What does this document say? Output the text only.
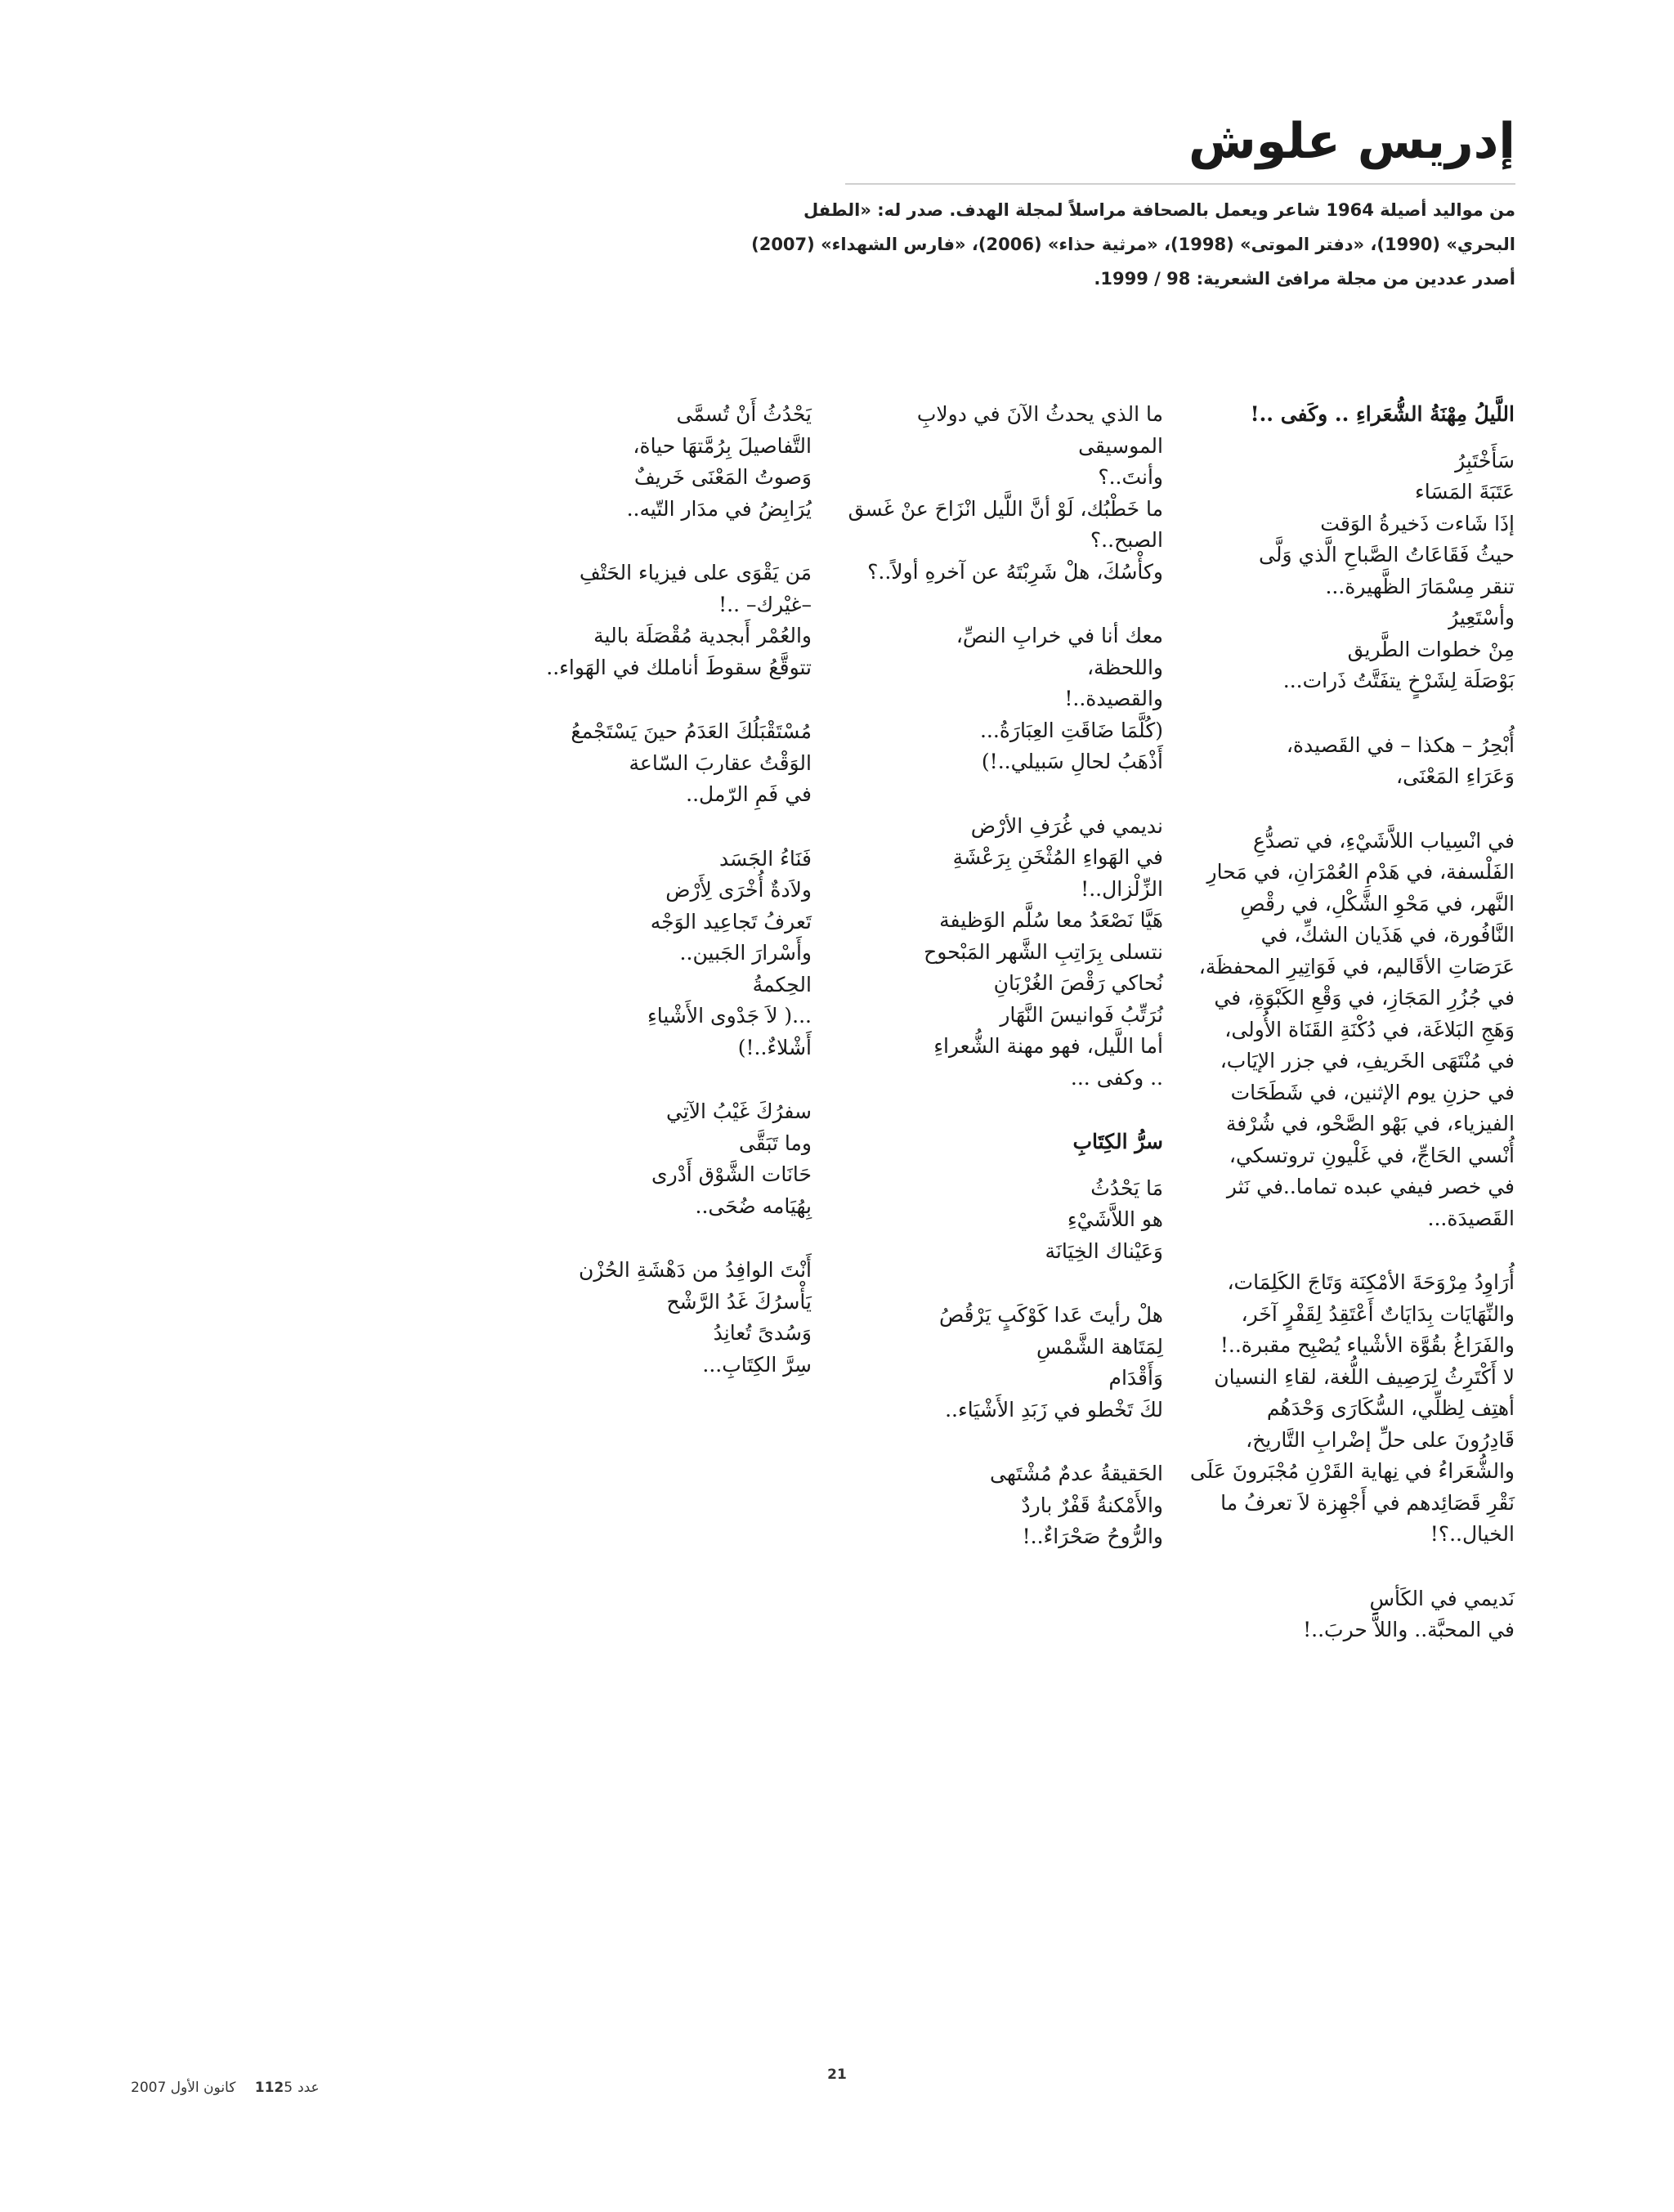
إدريس علوش

من مواليد أصيلة 1964 شاعر ويعمل بالصحافة مراسلاً لمجلة الهدف. صدر له: «الطفل

البحري» (1990)، «دفتر الموتى» (1998)، «مرثية حذاء» (2006)، «فارس الشهداء» (2007)

أصدر عددين من مجلة مرافئ الشعرية: 98 / 1999.

اللَّيلُ مِهْنَةُ الشُّعَراءِ .. وكَفى ..!
سَأَخْتَبِرُ
عَتَبَةَ المَسَاء
إذَا شَاءت ذَخيرةُ الوَقت
حيثُ فَقَاعَاتُ الصَّباحِ الَّذي وَلَّى
تنقر مِسْمَارَ الظَّهيرة...
وأسْتَعِيرُ
مِنْ خطوات الطَّريق
بَوْصَلَة لِشَرْخٍ يتفَتَّتُ ذَرات...
أُبْحِرُ – هكذا – في القَصيدة،
وَعَرَاءِ المَعْنَى،
في انْسِياب اللاَّشَيْءِ، في تصدُّعِ
الفَلْسفة، في هَدْمِ العُمْرَانِ، في مَحارِ
النَّهر، في مَحْوِ الشَّكْلِ، في رقْصِ
النَّافُورة، في هَذَيان الشكِّ، في
عَرَصَاتِ الأقَاليم، في فَوَاتِيرِ المحفظَة،
في جُزُرِ المَجَازِ، في وَقْعِ الكَبْوَةِ، في
وَهَجِ البَلاغَة، في دُكْنَةِ القَنَاة الأُولى،
في مُنْتَهَى الخَريفِ، في جزر الإيَاب،
في حزنِ يوم الإثنين، في شَطَحَات
الفيزياء، في بَهْو الصَّحْو، في شُرْفة
أُنْسي الحَاجِّ، في غَلْيونِ تروتسكي،
في خصر فيفي عبده تماما..في نَثر
القَصيدَة...
أُرَاوِدُ مِرْوَحَةَ الأمْكِنَة وَتَاجَ الكَلِمَات،
والنِّهَايَات بِدَايَاتٌ أَعْتَقِدُ لِقَفْرٍ آخَر،
والفَرَاغُ بقُوَّة الأشْياء يُصْبِح مقبرة..!
لا أَكْتَرِثُ لِرَصِيف اللُّغة، لقاءِ النسيان
أهتِف لِظلِّي، السُّكَارَى وَحْدَهُم
قَادِرُونَ على حلِّ إضْرابِ التَّاريخ،
والشُّعَراءُ في نِهاية القَرْنِ مُجْبَرونَ عَلَى
نَقْرِ قَصَائِدهم في أَجْهِزة لاَ تعرفُ ما
الخيال..؟!
نَديمي في الكَأسِ
في المحبَّة.. واللاَّ حربَ..!
ما الذي يحدثُ الآنَ في دولابِ
الموسيقى
وأنتَ..؟
ما خَطْبُك، لَوْ أنَّ اللَّيل انْزَاحَ عنْ غَسق
الصبح..؟
وكأْسُكَ، هلْ شَرِبْتَهُ عن آخرهِ أولاً..؟
معك أنا في خرابِ النصِّ،
واللحظة،
والقصيدة..!
(كُلَّمَا ضَاقَتِ العِبَارَةُ...
أَذْهَبُ لحالِ سَبيلي..!)
نديمي في غُرَفِ الأرْض
في الهَواءِ المُثْخَنِ بِرَعْشَةِ
الزِّلْزال..!
هَيَّا نَصْعَدُ معا سُلَّم الوَظيفة
نتسلى بِرَاتِبِ الشَّهر المَبْحوح
نُحاكي رَقْصَ الغُرْبَانِ
نُرَتِّبُ فَوانيسَ النَّهَار
أما اللَّيل، فهو مهنة الشُّعراءِ
.. وكفى ...
سرُّ الكِتَابِ
مَا يَحْدُثُ
هو اللاَّشَيْءِ
وَعَيْناك الخِيَانَة
هلْ رأيتَ عَدا كَوْكَبٍ يَرْقُصُ
لِمَتَاهة الشَّمْسِ
وَأَقْدَام
لكَ تَخْطو في زَبَدِ الأَشْيَاء..
الحَقيقةُ عدمٌ مُشْتَهى
والأَمْكنةُ قَفْرٌ باردٌ
والرُّوحُ صَحْرَاءٌ..!
يَحْدُثُ أَنْ تُسمَّى
التَّفاصيلَ بِرُمَّتهَا حياة،
وَصوتُ المَعْنَى خَريفٌ
يُرَابِضُ في مدَار التّيه..
مَن يَقْوَى على فيزياء الحَتْفِ
–غيْرك– ..!
والعُمْر أَبجدية مُقْصَلَة بالية
تتوقَّعُ سقوطَ أناملك في الهَواء..
مُسْتَقْبَلُكَ العَدَمُ حينَ يَسْتَجْمعُ
الوَقْتُ عقاربَ السّاعة
في فَمِ الرّمل..
فَنَاءُ الجَسَد
ولاَدةٌ أُخْرَى لِأَرْض
تَعرفُ تَجاعِيد الوَجْه
وأَسْرارَ الجَبين..
الحِكمةُ
...( لاَ جَدْوى الأَشْياءِ
أَشْلاءٌ..!)
سفرُكَ غَيْبُ الآتِي
وما تَبَقَّى
حَانَات الشَّوْق أَدْرى
بِهُيَامه ضُحَى..
أَنْتَ الوافِدُ من دَهْشَةِ الحُزْن
يَأْسرُكَ غَدُ الرَّشْح
وَسُدىً تُعانِدُ
سِرَّ الكِتَابِ...
21
عدد1125 كانون الأول 2007
